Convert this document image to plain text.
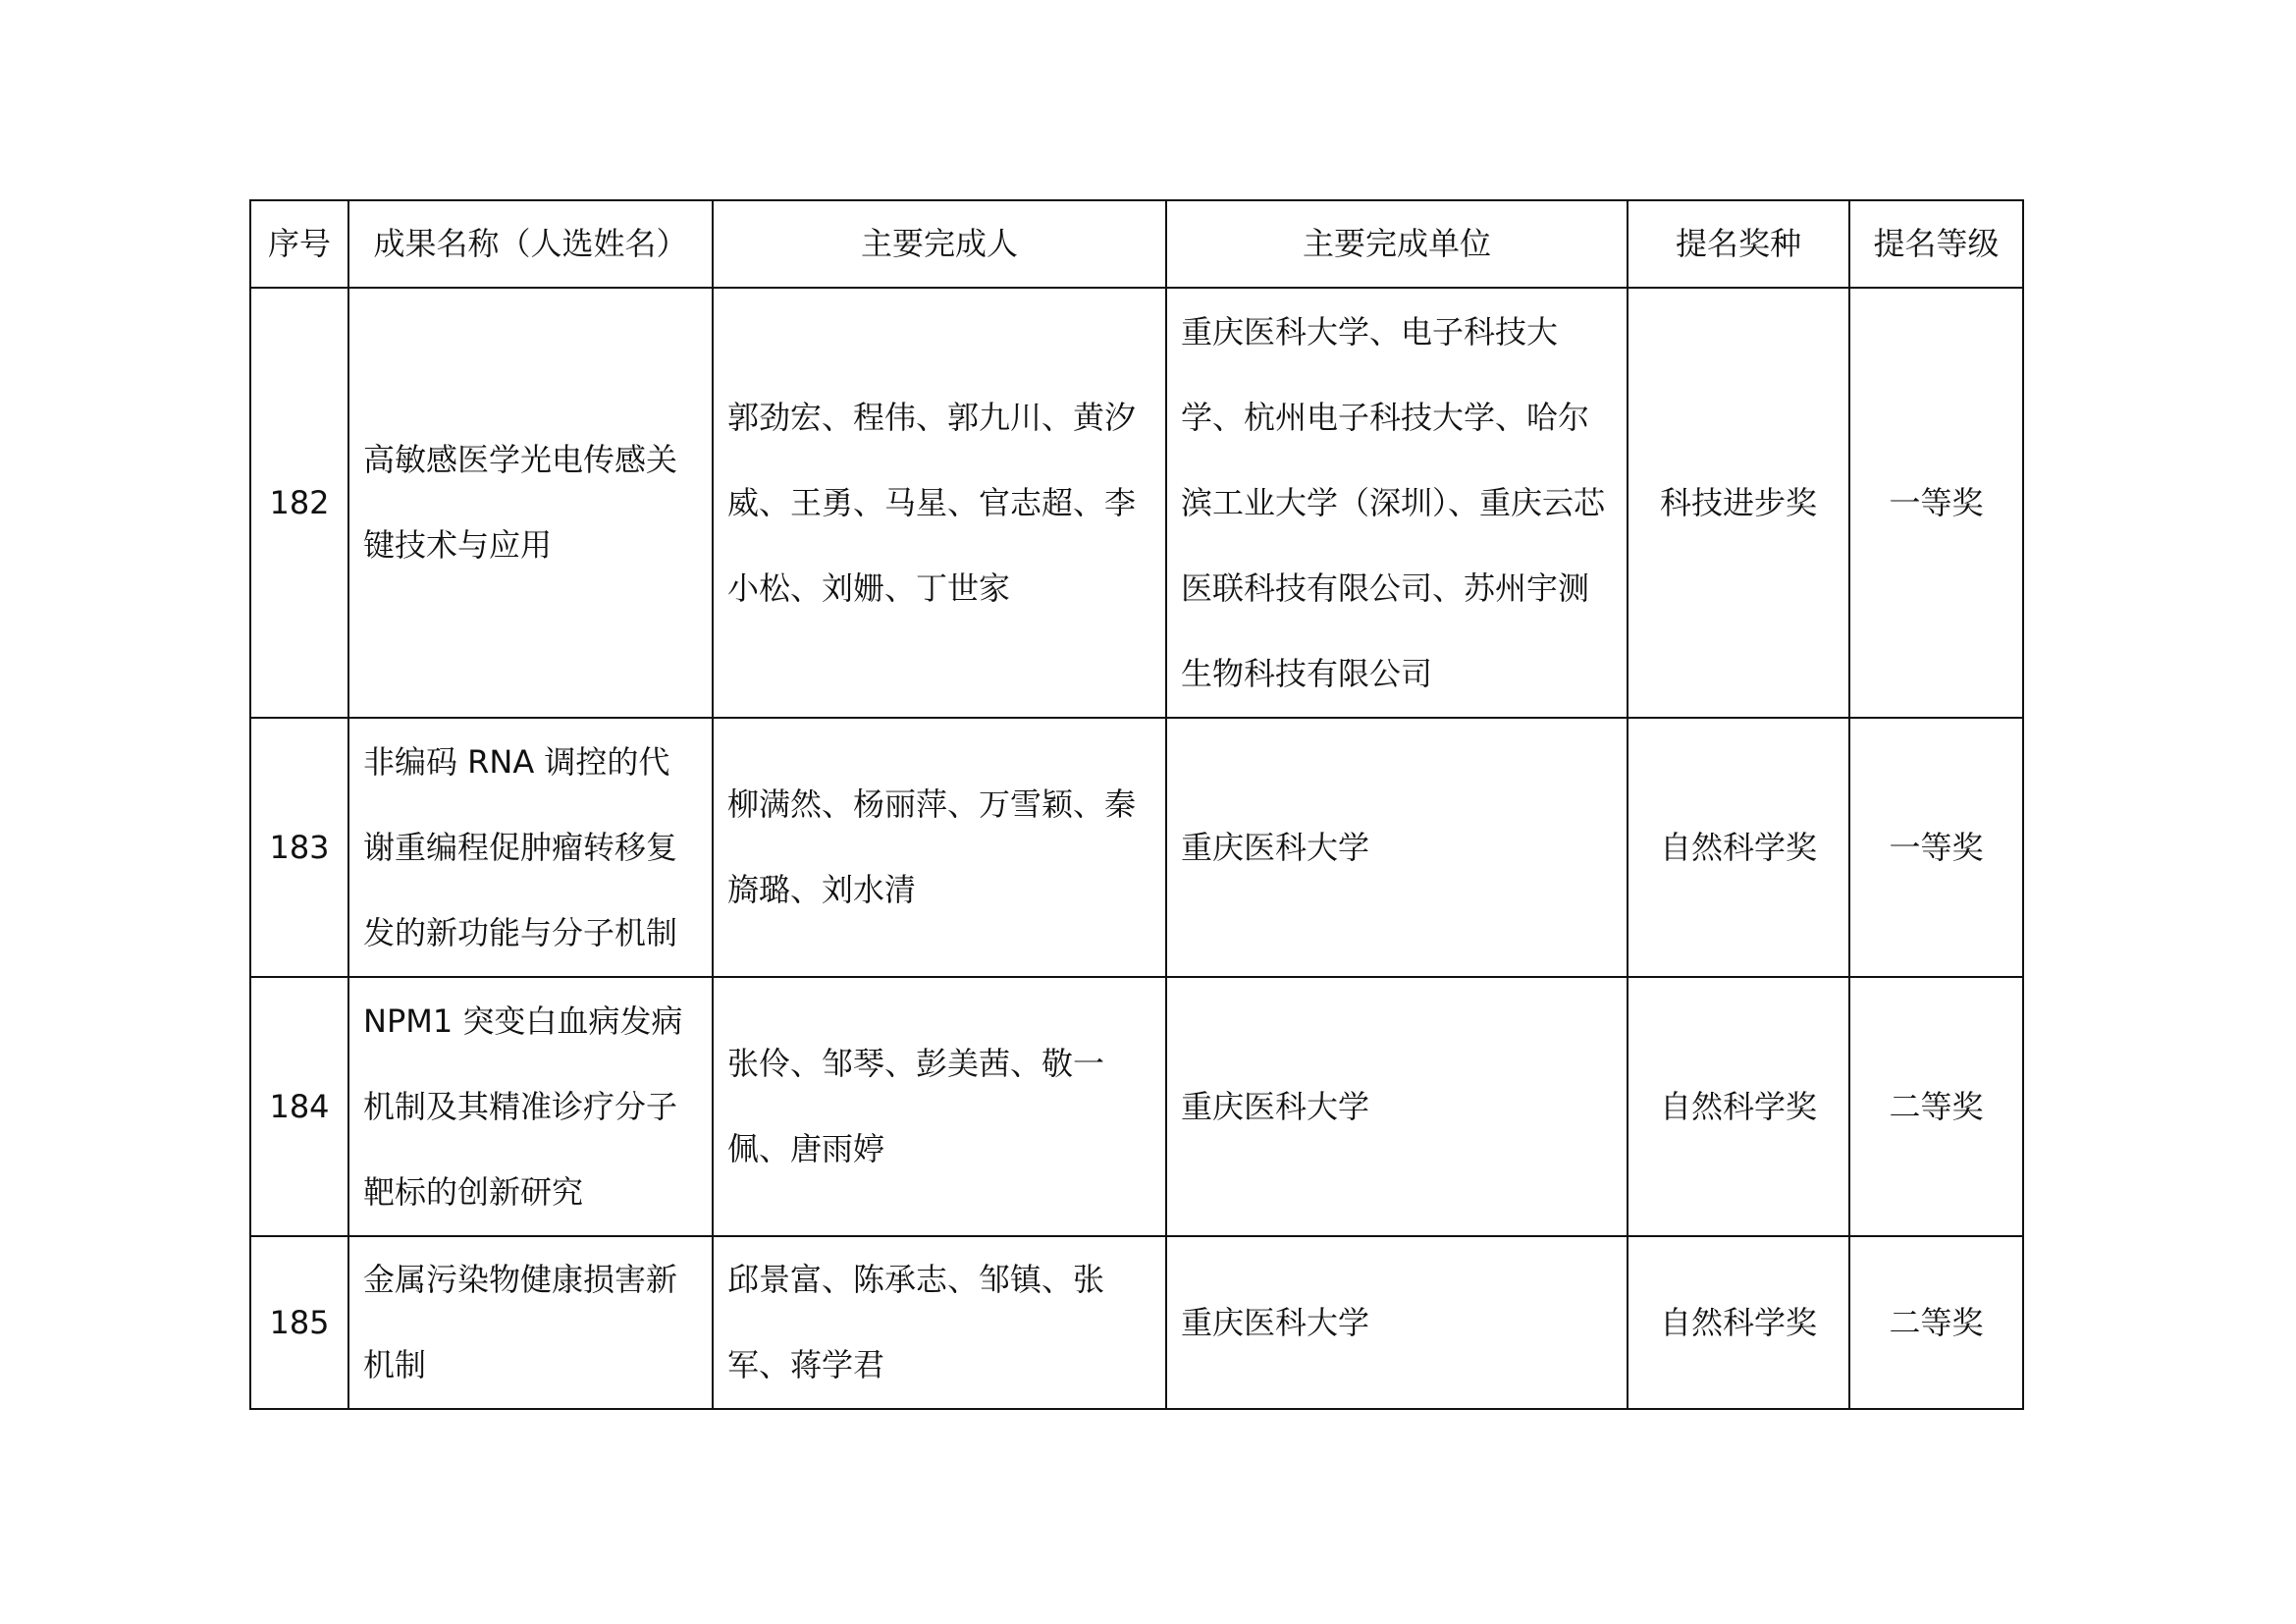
序号	成果名称（人选姓名）	主要完成人	主要完成单位	提名奖种	提名等级
182	高敏感医学光电传感关键技术与应用	郭劲宏、程伟、郭九川、黄汐威、王勇、马星、官志超、李小松、刘姗、丁世家	重庆医科大学、电子科技大学、杭州电子科技大学、哈尔滨工业大学（深圳）、重庆云芯医联科技有限公司、苏州宇测生物科技有限公司	科技进步奖	一等奖
183	非编码 RNA 调控的代谢重编程促肿瘤转移复发的新功能与分子机制	柳满然、杨丽萍、万雪颖、秦旖璐、刘水清	重庆医科大学	自然科学奖	一等奖
184	NPM1 突变白血病发病机制及其精准诊疗分子靶标的创新研究	张伶、邹琴、彭美茜、敬一佩、唐雨婷	重庆医科大学	自然科学奖	二等奖
185	金属污染物健康损害新机制	邱景富、陈承志、邹镇、张军、蒋学君	重庆医科大学	自然科学奖	二等奖
